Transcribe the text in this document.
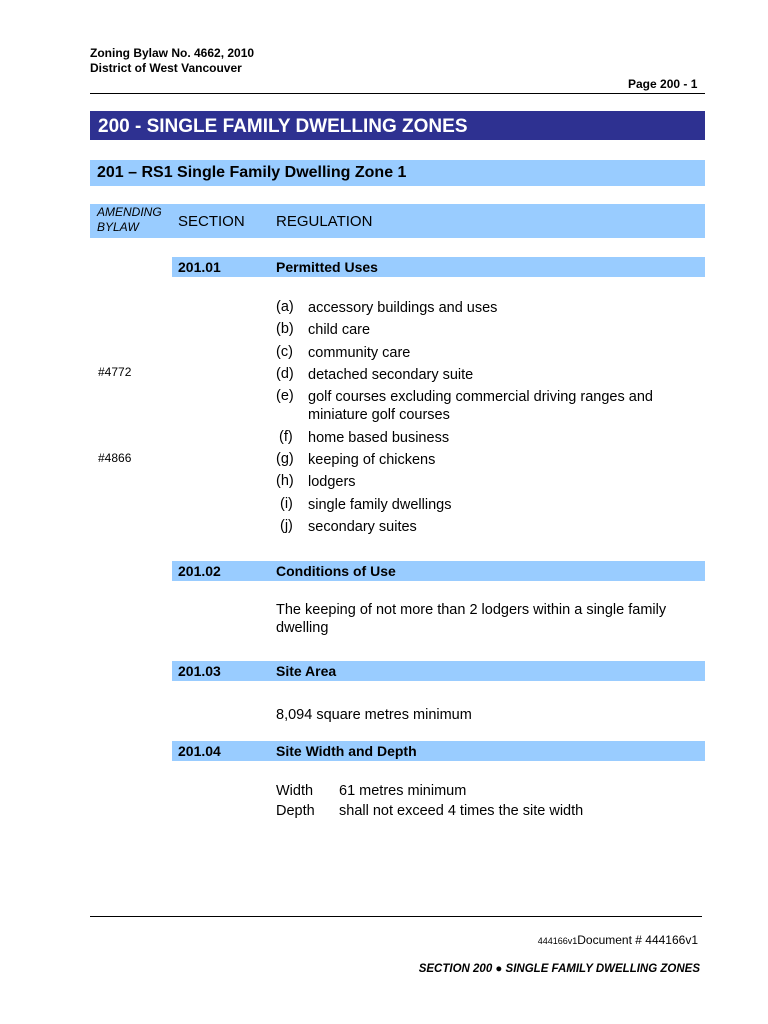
Zoning Bylaw No. 4662, 2010
District of West Vancouver
Page 200 - 1
200 - SINGLE FAMILY DWELLING ZONES
201 – RS1 Single Family Dwelling Zone 1
AMENDING BYLAW	SECTION REGULATION
201.01	Permitted Uses
(a) accessory buildings and uses
(b) child care
(c)	community care
#4772	(d) detached secondary suite
(e) golf courses excluding commercial driving ranges and miniature golf courses
(f)	home based business
#4866	(g) keeping of chickens
(h) lodgers
(i)	single family dwellings
(j)	secondary suites
201.02	Conditions of Use
The keeping of not more than 2 lodgers within a single family dwelling
201.03	Site Area
8,094 square metres minimum
201.04	Site Width and Depth
Width 61 metres minimum
Depth shall not exceed 4 times the site width
444166v1Document # 444166v1
SECTION 200 ● SINGLE FAMILY DWELLING ZONES
